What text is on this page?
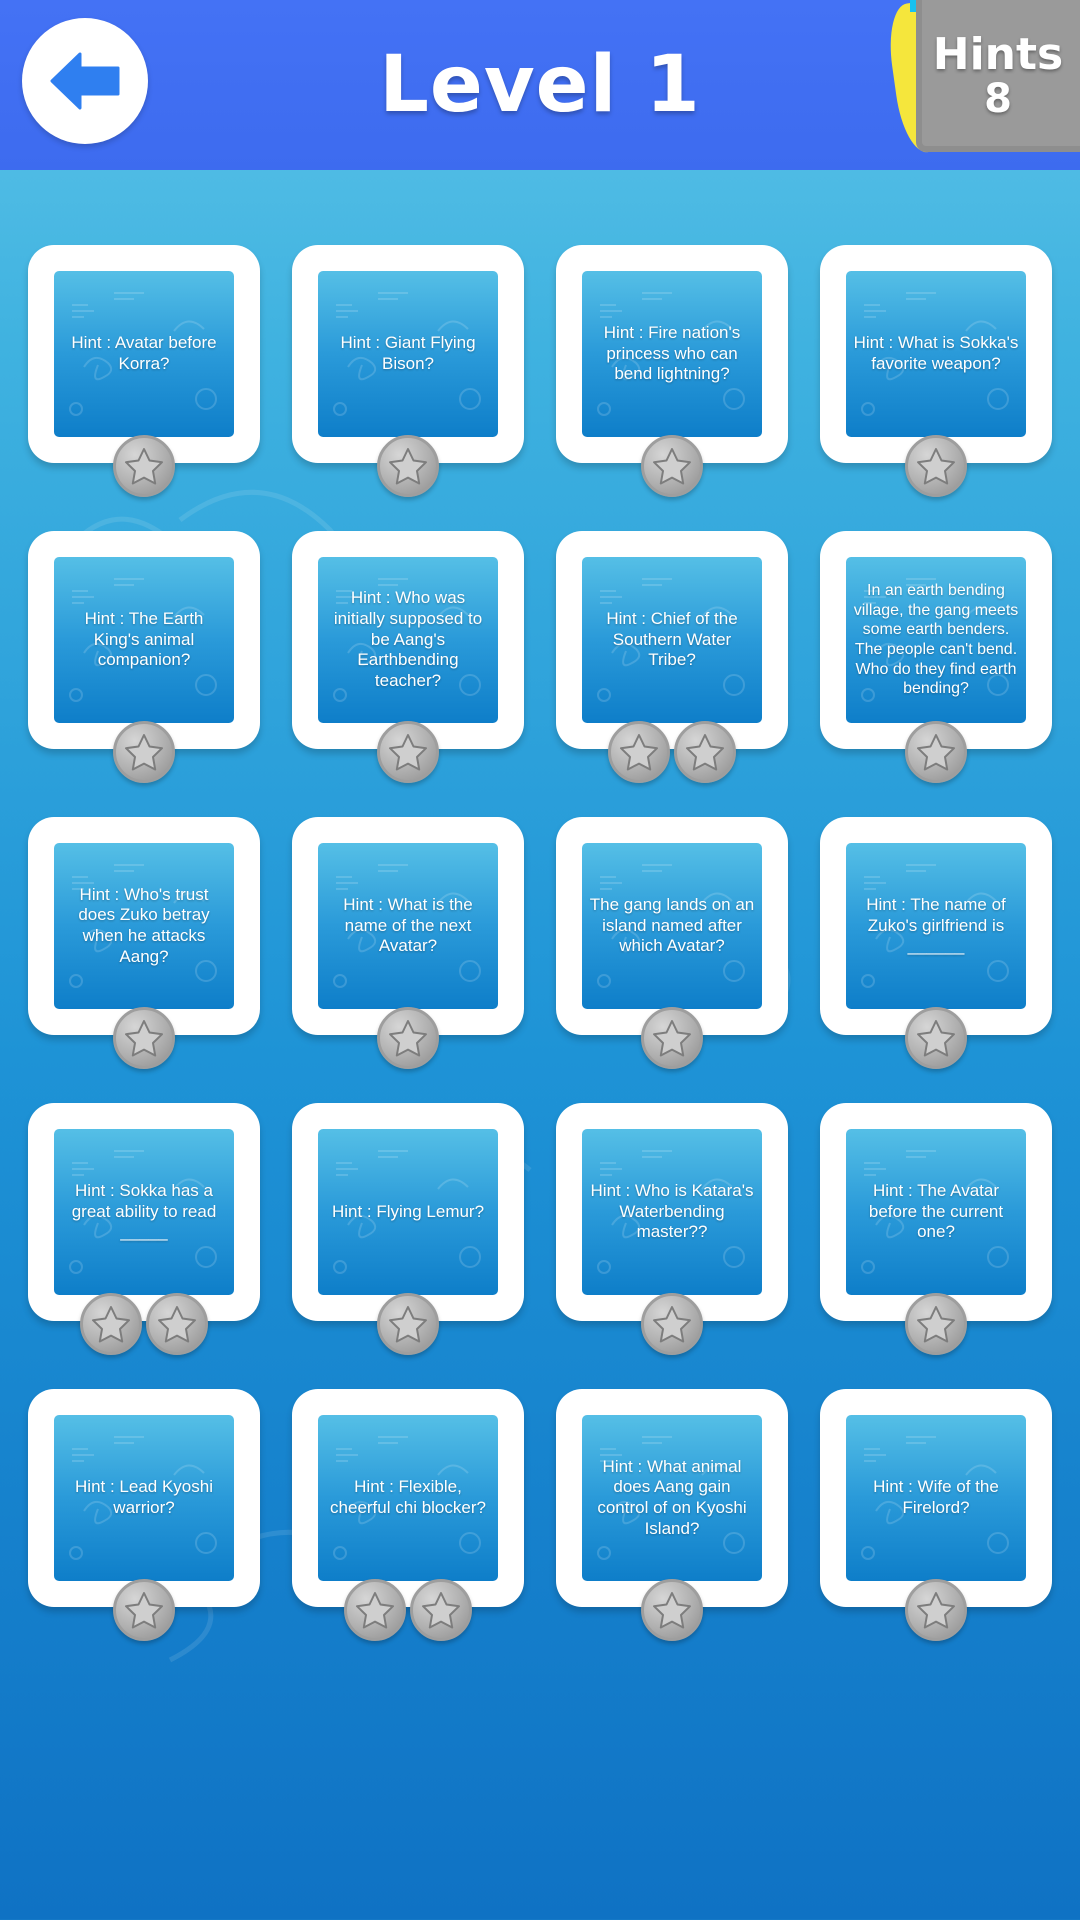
Level 1	Hints
8
Hint : Avatar before Korra?
Hint : Giant Flying Bison?
Hint : Fire nation's princess who can bend lightning?
Hint : What is Sokka's favorite weapon?
Hint : The Earth King's animal companion?
Hint : Who was initially supposed to be Aang's Earthbending teacher?
Hint : Chief of the Southern Water Tribe?
In an earth bending village, the gang meets some earth benders. The people can't bend. Who do they find earth bending?
Hint : Who's trust does Zuko betray when he attacks Aang?
Hint : What is the name of the next Avatar?
The gang lands on an island named after which Avatar?
Hint : The name of Zuko's girlfriend is ______
Hint : Sokka has a great ability to read _____
Hint : Flying Lemur?
Hint : Who is Katara's Waterbending master??
Hint : The Avatar before the current one?
Hint : Lead Kyoshi warrior?
Hint : Flexible, cheerful chi blocker?
Hint : What animal does Aang gain control of on Kyoshi Island?
Hint : Wife of the Firelord?
